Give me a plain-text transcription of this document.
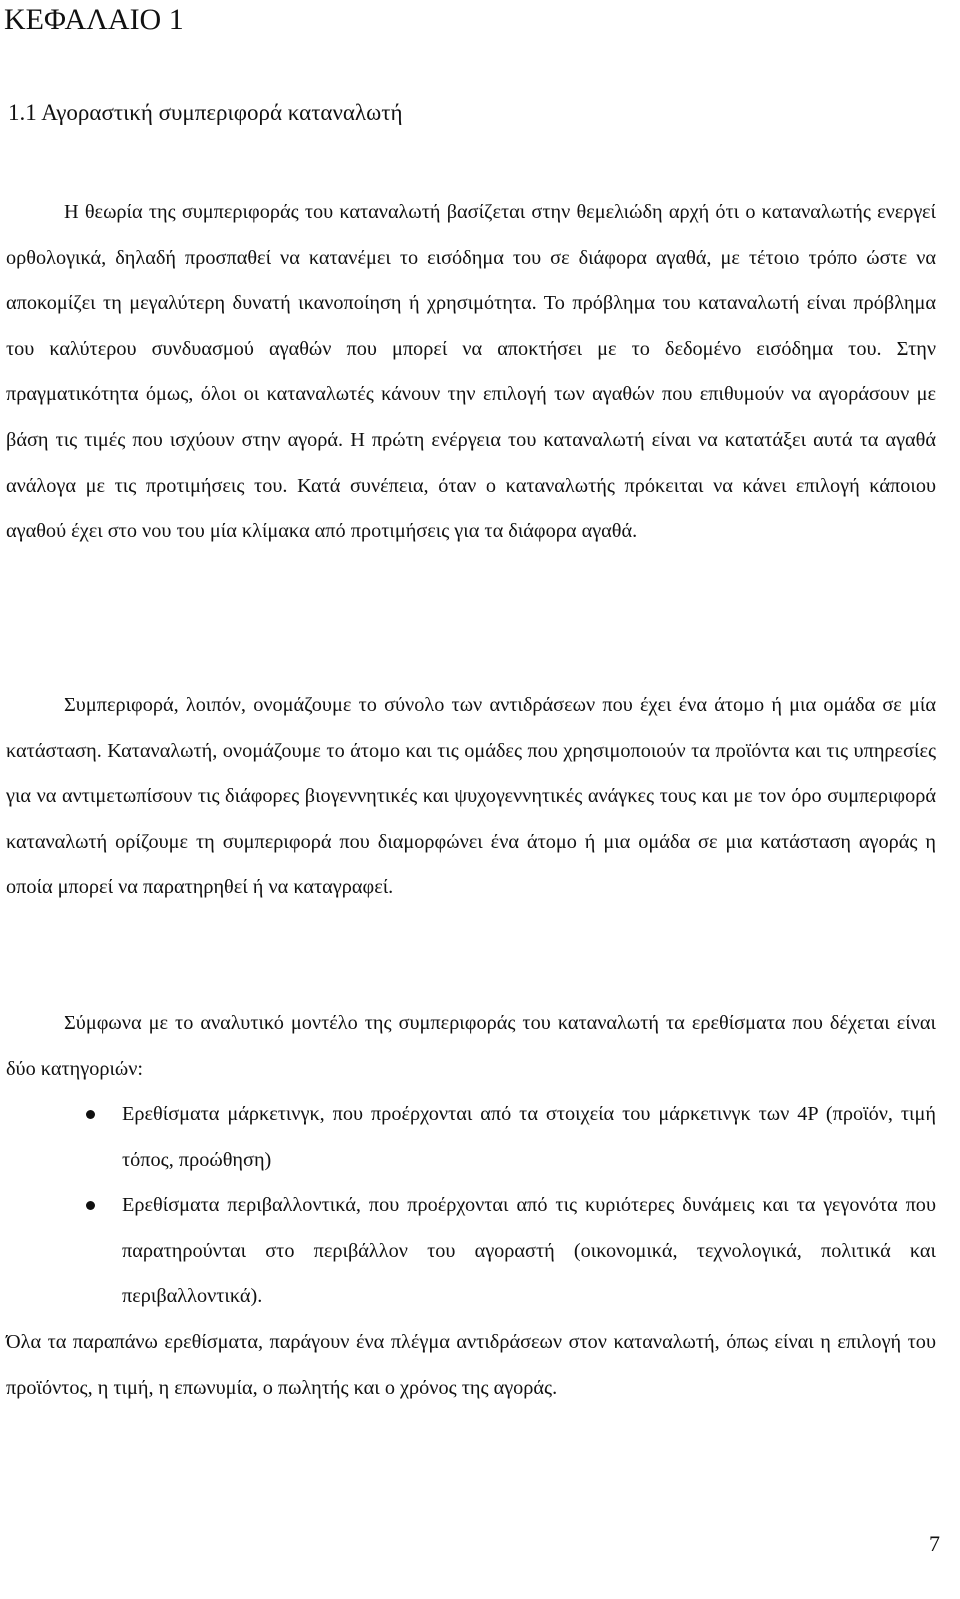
ΚΕΦΑΛΑΙΟ 1
1.1 Αγοραστική συμπεριφορά καταναλωτή

Η θεωρία της συμπεριφοράς του καταναλωτή βασίζεται στην θεμελιώδη αρχή ότι ο καταναλωτής ενεργεί ορθολογικά, δηλαδή προσπαθεί να κατανέμει το εισόδημα του σε διάφορα αγαθά, με τέτοιο τρόπο ώστε να αποκομίζει τη μεγαλύτερη δυνατή ικανοποίηση ή χρησιμότητα. Το πρόβλημα του καταναλωτή είναι πρόβλημα του καλύτερου συνδυασμού αγαθών που μπορεί να αποκτήσει με το δεδομένο εισόδημα του. Στην πραγματικότητα όμως, όλοι οι καταναλωτές κάνουν την επιλογή των αγαθών που επιθυμούν να αγοράσουν με βάση τις τιμές που ισχύουν στην αγορά. Η πρώτη ενέργεια του καταναλωτή είναι να κατατάξει αυτά τα αγαθά ανάλογα με τις προτιμήσεις του. Κατά συνέπεια, όταν ο καταναλωτής πρόκειται να κάνει επιλογή κάποιου αγαθού έχει στο νου του μία κλίμακα από προτιμήσεις για τα διάφορα αγαθά.

Συμπεριφορά, λοιπόν, ονομάζουμε το σύνολο των αντιδράσεων που έχει ένα άτομο ή μια ομάδα σε μία κατάσταση. Καταναλωτή, ονομάζουμε το άτομο και τις ομάδες που χρησιμοποιούν τα προϊόντα και τις υπηρεσίες για να αντιμετωπίσουν τις διάφορες βιογεννητικές και ψυχογεννητικές ανάγκες τους και με τον όρο συμπεριφορά καταναλωτή ορίζουμε τη συμπεριφορά που διαμορφώνει ένα άτομο ή μια ομάδα σε μια κατάσταση αγοράς η οποία μπορεί να παρατηρηθεί ή να καταγραφεί.

Σύμφωνα με το αναλυτικό μοντέλο της συμπεριφοράς του καταναλωτή τα ερεθίσματα που δέχεται είναι δύο κατηγοριών:

Ερεθίσματα μάρκετινγκ, που προέρχονται από τα στοιχεία του μάρκετινγκ των 4P (προϊόν, τιμή τόπος, προώθηση)
Ερεθίσματα περιβαλλοντικά, που προέρχονται από τις κυριότερες δυνάμεις και τα γεγονότα που παρατηρούνται στο περιβάλλον του αγοραστή (οικονομικά, τεχνολογικά, πολιτικά και περιβαλλοντικά).

Όλα τα παραπάνω ερεθίσματα, παράγουν ένα πλέγμα αντιδράσεων στον καταναλωτή, όπως είναι η επιλογή του προϊόντος, η τιμή, η επωνυμία, ο πωλητής και ο χρόνος της αγοράς.

7
